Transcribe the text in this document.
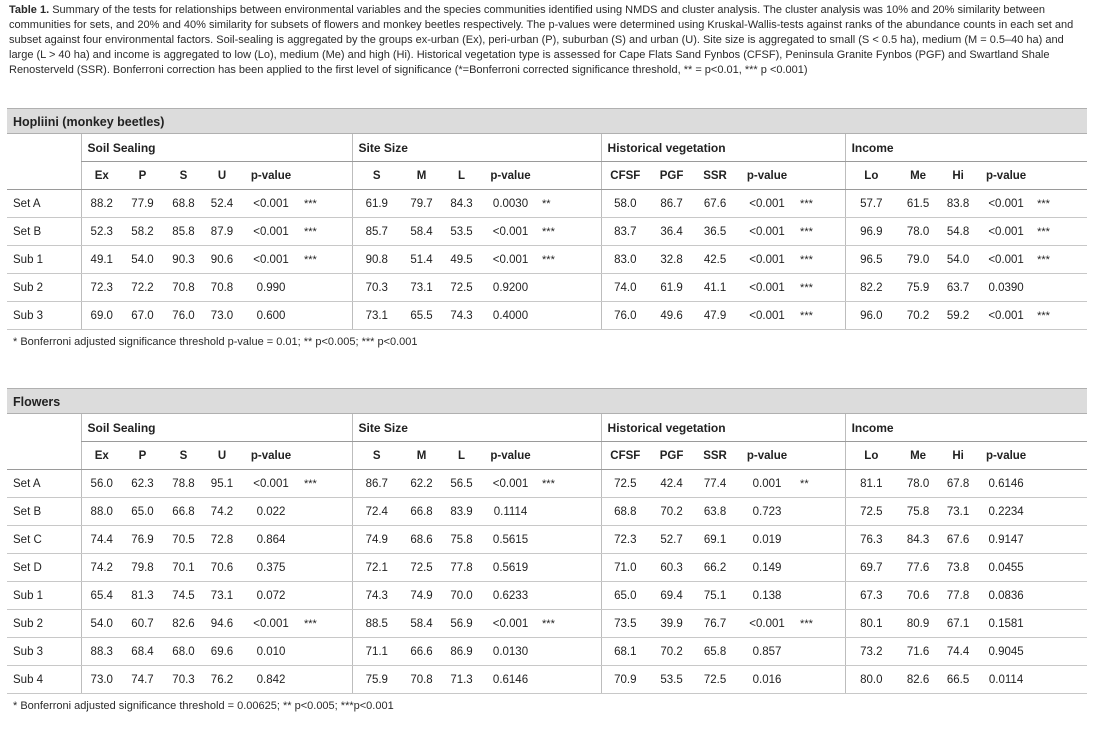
Table 1. Summary of the tests for relationships between environmental variables and the species communities identified using NMDS and cluster analysis. The cluster analysis was 10% and 20% similarity between communities for sets, and 20% and 40% similarity for subsets of flowers and monkey beetles respectively. The p-values were determined using Kruskal-Wallis-tests against ranks of the abundance counts in each set and subset against four environmental factors. Soil-sealing is aggregated by the groups ex-urban (Ex), peri-urban (P), suburban (S) and urban (U). Site size is aggregated to small (S < 0.5 ha), medium (M = 0.5–40 ha) and large (L > 40 ha) and income is aggregated to low (Lo), medium (Me) and high (Hi). Historical vegetation type is assessed for Cape Flats Sand Fynbos (CFSF), Peninsula Granite Fynbos (PGF) and Swartland Shale Renosterveld (SSR). Bonferroni correction has been applied to the first level of significance (*=Bonferroni corrected significance threshold, ** = p<0.01, *** p <0.001)
Hopliini (monkey beetles)
	Soil Sealing						Site Size					Historical vegetation					Income				
	Ex	P	S	U	p-value		S	M	L	p-value		CFSF	PGF	SSR	p-value		Lo	Me	Hi	p-value	
Set A	88.2	77.9	68.8	52.4	<0.001	***	61.9	79.7	84.3	0.0030	**	58.0	86.7	67.6	<0.001	***	57.7	61.5	83.8	<0.001	***
Set B	52.3	58.2	85.8	87.9	<0.001	***	85.7	58.4	53.5	<0.001	***	83.7	36.4	36.5	<0.001	***	96.9	78.0	54.8	<0.001	***
Sub 1	49.1	54.0	90.3	90.6	<0.001	***	90.8	51.4	49.5	<0.001	***	83.0	32.8	42.5	<0.001	***	96.5	79.0	54.0	<0.001	***
Sub 2	72.3	72.2	70.8	70.8	0.990		70.3	73.1	72.5	0.9200		74.0	61.9	41.1	<0.001	***	82.2	75.9	63.7	0.0390	
Sub 3	69.0	67.0	76.0	73.0	0.600		73.1	65.5	74.3	0.4000		76.0	49.6	47.9	<0.001	***	96.0	70.2	59.2	<0.001	***
* Bonferroni adjusted significance threshold p-value = 0.01; ** p<0.005; *** p<0.001
Flowers
	Soil Sealing						Site Size					Historical vegetation					Income				
	Ex	P	S	U	p-value		S	M	L	p-value		CFSF	PGF	SSR	p-value		Lo	Me	Hi	p-value	
Set A	56.0	62.3	78.8	95.1	<0.001	***	86.7	62.2	56.5	<0.001	***	72.5	42.4	77.4	0.001	**	81.1	78.0	67.8	0.6146	
Set B	88.0	65.0	66.8	74.2	0.022		72.4	66.8	83.9	0.1114		68.8	70.2	63.8	0.723		72.5	75.8	73.1	0.2234	
Set C	74.4	76.9	70.5	72.8	0.864		74.9	68.6	75.8	0.5615		72.3	52.7	69.1	0.019		76.3	84.3	67.6	0.9147	
Set D	74.2	79.8	70.1	70.6	0.375		72.1	72.5	77.8	0.5619		71.0	60.3	66.2	0.149		69.7	77.6	73.8	0.0455	
Sub 1	65.4	81.3	74.5	73.1	0.072		74.3	74.9	70.0	0.6233		65.0	69.4	75.1	0.138		67.3	70.6	77.8	0.0836	
Sub 2	54.0	60.7	82.6	94.6	<0.001	***	88.5	58.4	56.9	<0.001	***	73.5	39.9	76.7	<0.001	***	80.1	80.9	67.1	0.1581	
Sub 3	88.3	68.4	68.0	69.6	0.010		71.1	66.6	86.9	0.0130		68.1	70.2	65.8	0.857		73.2	71.6	74.4	0.9045	
Sub 4	73.0	74.7	70.3	76.2	0.842		75.9	70.8	71.3	0.6146		70.9	53.5	72.5	0.016		80.0	82.6	66.5	0.0114	
* Bonferroni adjusted significance threshold = 0.00625; ** p<0.005; ***p<0.001
